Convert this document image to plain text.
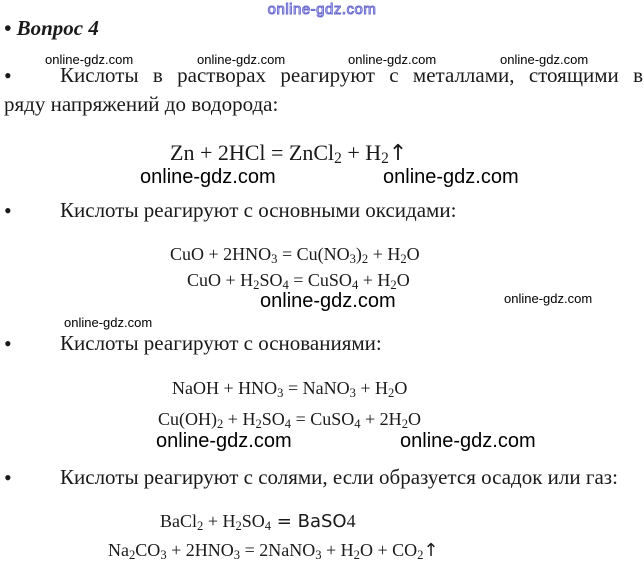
online-gdz.com
• Вопрос 4
online-gdz.com	online-gdz.com	online-gdz.com	online-gdz.com
• Кислоты в растворах реагируют с металлами, стоящими в
ряду напряжений до водорода:
Zn + 2HCl = ZnCl$_2$ + $H_2↑$
online-gdz.com	online-gdz.com
• Кислоты реагируют с основными оксидами:
CuO + $2HNO_3 = Cu(NO_3)_2 + H_2O$
CuO + $H_2SO_4$ = CuSO$_4$ + $H_2O$
online-gdz.com	online-gdz.com
online-gdz.com
• Кислоты реагируют с основаниями:
NaOH + $HNO_3$ = NaNO$_3$ + $H_2O$
$Cu(OH)_2 + H_2SO_4$ = CuSO$_4$ + $2H_2O$
online-gdz.com	online-gdz.com
• Кислоты реагируют с солями, если образуется осадок или газ:
BaCl$_2$ + $H_2SO_4$ = BaSO4
$Na_2CO_3 + 2HNO_3$ = 2NaNO$_3$ + $H_2O$ + $CO_2↑$
